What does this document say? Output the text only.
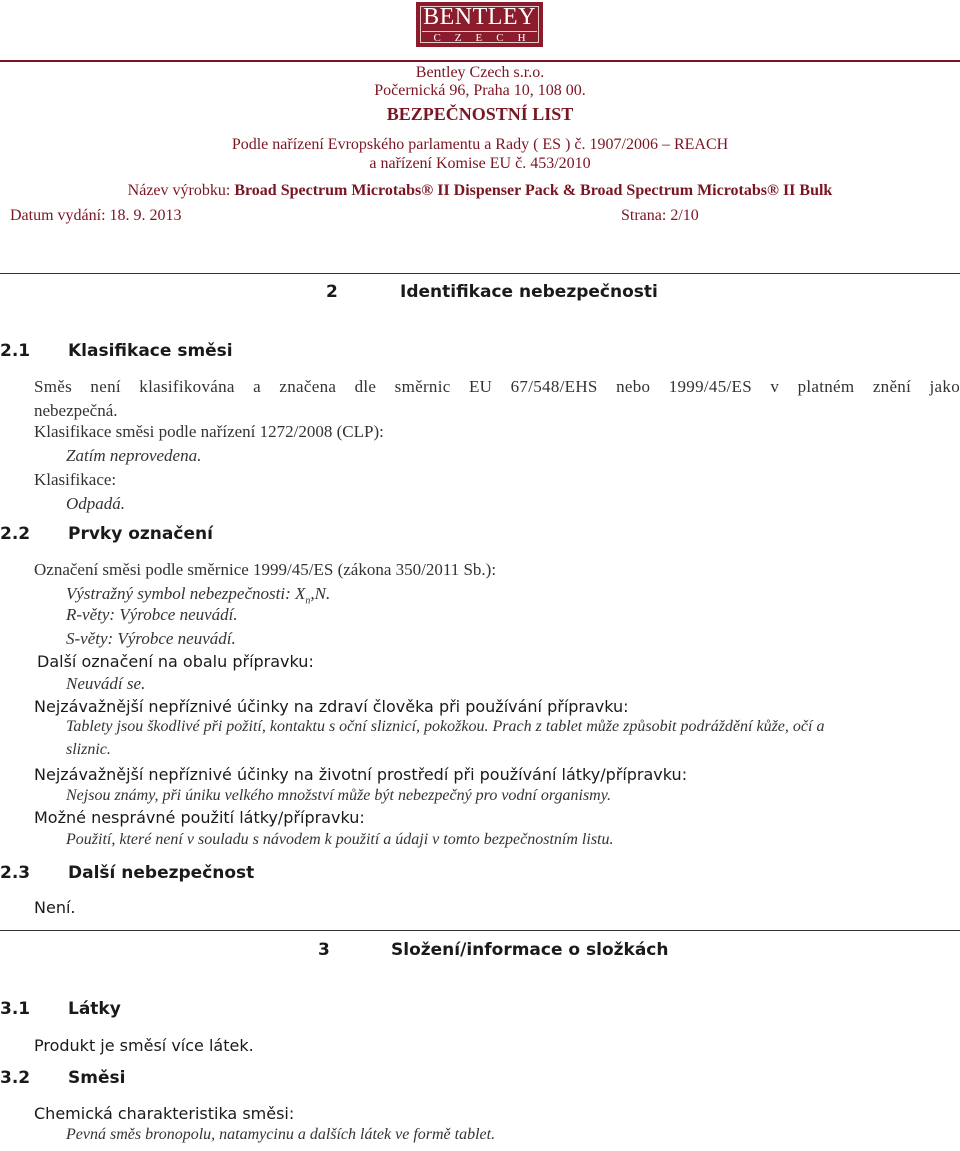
BENTLEY
CZECH
Bentley Czech s.r.o.
Počernická 96, Praha 10, 108 00.
BEZPEČNOSTNÍ LIST
Podle nařízení Evropského parlamentu a Rady ( ES ) č. 1907/2006 – REACH
a nařízení Komise EU č. 453/2010
Název výrobku: Broad Spectrum Microtabs® II Dispenser Pack & Broad Spectrum Microtabs® II Bulk
Datum vydání: 18. 9. 2013	Strana: 2/10
2	Identifikace nebezpečnosti
2.1 Klasifikace směsi
Směs není klasifikována a značena dle směrnic EU 67/548/EHS nebo 1999/45/ES v platném znění jako
nebezpečná.
Klasifikace směsi podle nařízení 1272/2008 (CLP):
Zatím neprovedena.
Klasifikace:
Odpadá.
2.2 Prvky označení
Označení směsi podle směrnice 1999/45/ES (zákona 350/2011 Sb.):
Výstražný symbol nebezpečnosti: $X_n,N$.
R-věty: Výrobce neuvádí.
S-věty: Výrobce neuvádí.
Další označení na obalu přípravku:
Neuvádí se.
Nejzávažnější nepříznivé účinky na zdraví člověka při používání přípravku:
Tablety jsou škodlivé při požití, kontaktu s oční sliznicí, pokožkou. Prach z tablet může způsobit podráždění kůže, očí a
sliznic.
Nejzávažnější nepříznivé účinky na životní prostředí při používání látky/přípravku:
Nejsou známy, při úniku velkého množství může být nebezpečný pro vodní organismy.
Možné nesprávné použití látky/přípravku:
Použití, které není v souladu s návodem k použití a údaji v tomto bezpečnostním listu.
2.3 Další nebezpečnost
Není.
3	Složení/informace o složkách
3.1 Látky
Produkt je směsí více látek.
3.2 Směsi
Chemická charakteristika směsi:
Pevná směs bronopolu, natamycinu a dalších látek ve formě tablet.
